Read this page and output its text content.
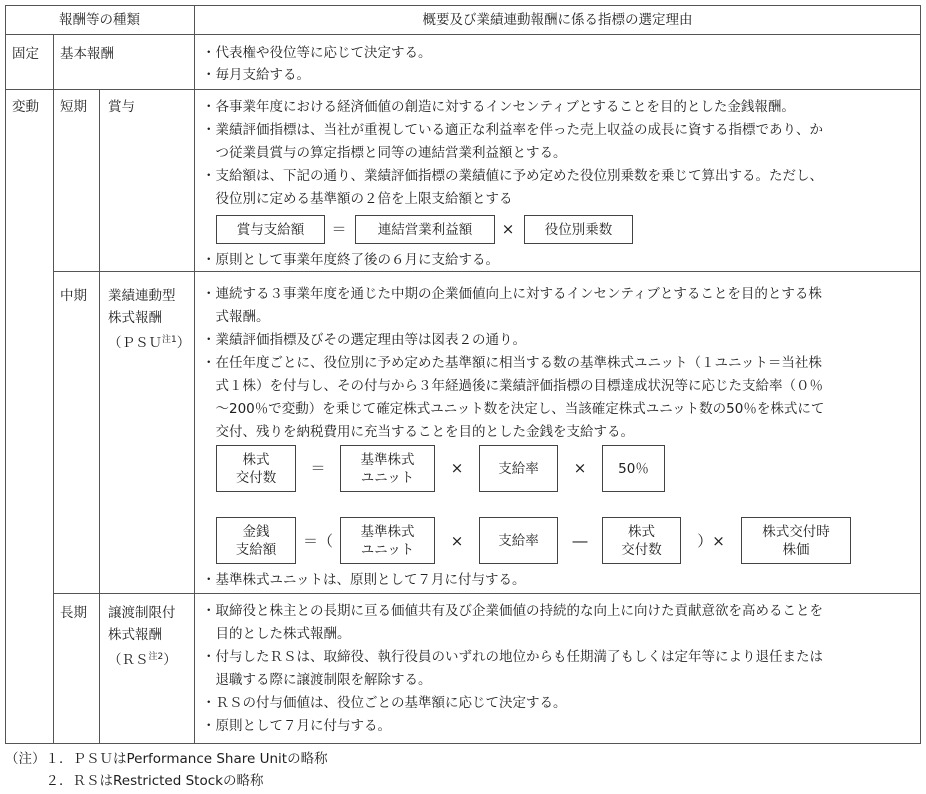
報酬等の種類	概要及び業績連動報酬に係る指標の選定理由
固定 基本報酬	・代表権や役位等に応じて決定する。
・毎月支給する。
変動 短期 賞与	・各事業年度における経済価値の創造に対するインセンティブとすることを目的とした金銭報酬。
・業績評価指標は、当社が重視している適正な利益率を伴った売上収益の成長に資する指標であり、か
　つ従業員賞与の算定指標と同等の連結営業利益額とする。
・支給額は、下記の通り、業績評価指標の業績値に予め定めた役位別乗数を乗じて算出する。ただし、
　役位別に定める基準額の２倍を上限支給額とする
賞与支給額	＝	連結営業利益額	×	役位別乗数
・原則として事業年度終了後の６月に支給する。
中期 業績連動型
株式報酬
（ＰＳＵ$^{注1}$）
・連続する３事業年度を通じた中期の企業価値向上に対するインセンティブとすることを目的とする株
　式報酬。
・業績評価指標及びその選定理由等は図表２の通り。
・在任年度ごとに、役位別に予め定めた基準額に相当する数の基準株式ユニット（１ユニット＝当社株
　式１株）を付与し、その付与から３年経過後に業績評価指標の目標達成状況等に応じた支給率（０％
　～200％で変動）を乗じて確定株式ユニット数を決定し、当該確定株式ユニット数の50％を株式にて
　交付、残りを納税費用に充当することを目的とした金銭を支給する。
株式
交付数
＝	基準株式
ユニット
×	支給率	×	50％
金銭
支給額	＝（
基準株式
ユニット	×	支給率	―
株式
交付数	）×
株式交付時
株価
・基準株式ユニットは、原則として７月に付与する。
長期 譲渡制限付
株式報酬
（ＲＳ$^{注2}$）
・取締役と株主との長期に亘る価値共有及び企業価値の持続的な向上に向けた貢献意欲を高めることを
　目的とした株式報酬。
・付与したＲＳは、取締役、執行役員のいずれの地位からも任期満了もしくは定年等により退任または
　退職する際に譲渡制限を解除する。
・ＲＳの付与価値は、役位ごとの基準額に応じて決定する。
・原則として７月に付与する。
（注）１．ＰＳＵはPerformance Share Unitの略称
　　　２．ＲＳはRestricted Stockの略称
